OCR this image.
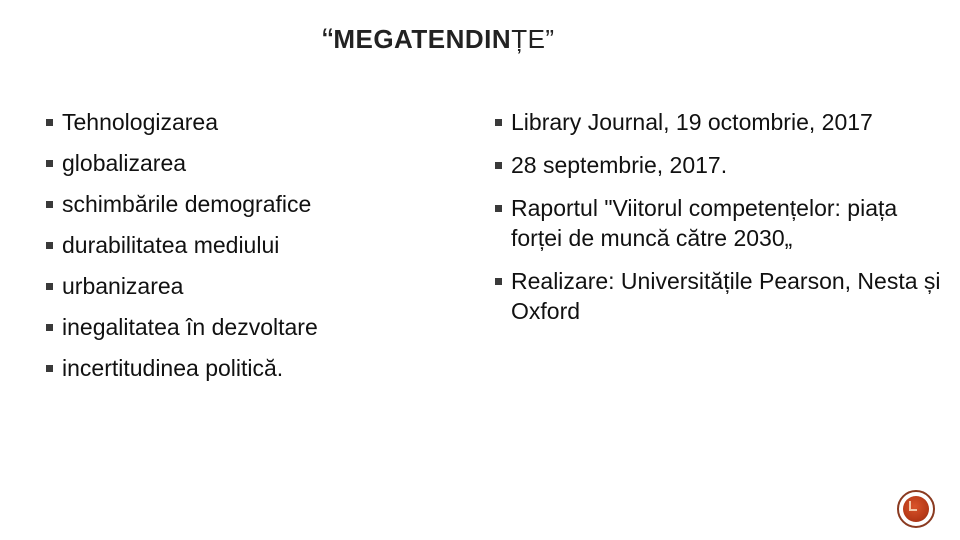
“MEGATENDINȚE”
Tehnologizarea
globalizarea
schimbările demografice
durabilitatea mediului
urbanizarea
inegalitatea în dezvoltare
incertitudinea politică.
Library Journal, 19 octombrie, 2017
28 septembrie, 2017.
Raportul "Viitorul competențelor: piața forței de muncă către 2030„
Realizare: Universitățile Pearson, Nesta și Oxford
